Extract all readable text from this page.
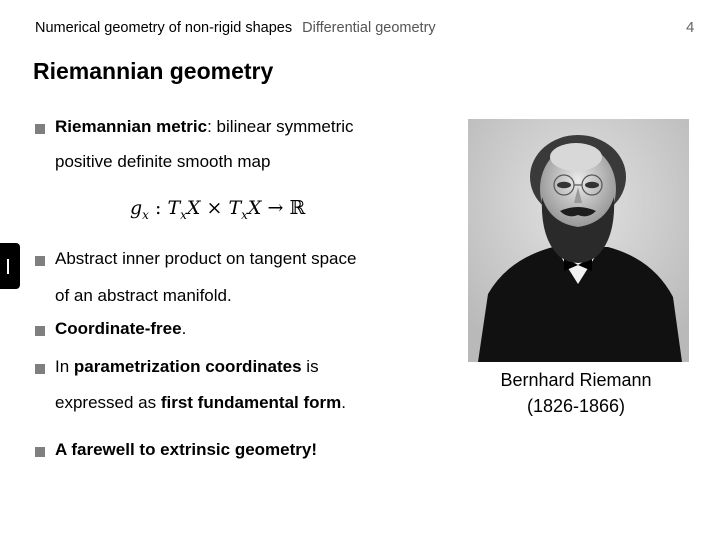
Numerical geometry of non-rigid shapes Differential geometry	4
Riemannian geometry
Riemannian metric: bilinear symmetric
positive definite smooth map
$g_x$ : $T_xX \times T_xX$ → ℝ
Abstract inner product on tangent space
of an abstract manifold.
Coordinate-free.
In parametrization coordinates is
expressed as first fundamental form.
A farewell to extrinsic geometry!
Bernhard Riemann
(1826-1866)
